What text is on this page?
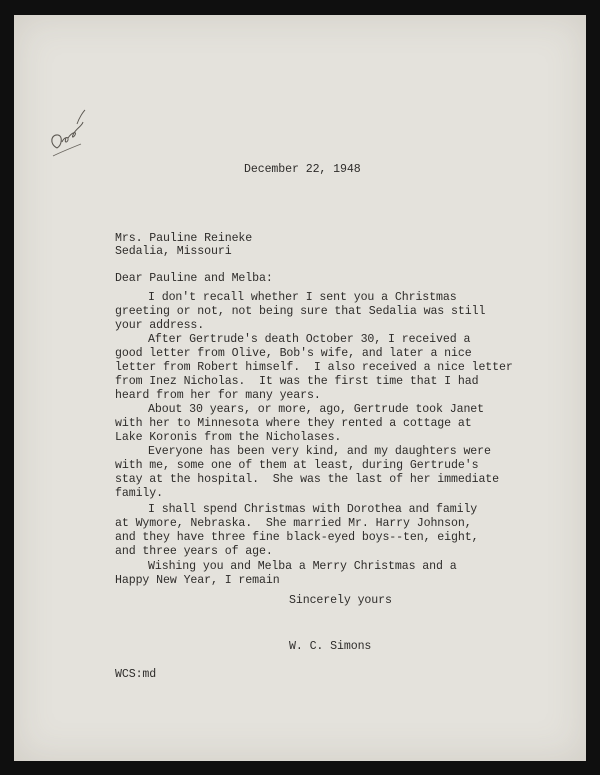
December 22, 1948
Mrs. Pauline Reineke
Sedalia, Missouri
Dear Pauline and Melba:
I don't recall whether I sent you a Christmas
greeting or not, not being sure that Sedalia was still
your address.
After Gertrude's death October 30, I received a
good letter from Olive, Bob's wife, and later a nice
letter from Robert himself.  I also received a nice letter
from Inez Nicholas.  It was the first time that I had
heard from her for many years.
About 30 years, or more, ago, Gertrude took Janet
with her to Minnesota where they rented a cottage at
Lake Koronis from the Nicholases.
Everyone has been very kind, and my daughters were
with me, some one of them at least, during Gertrude's
stay at the hospital.  She was the last of her immediate
family.
I shall spend Christmas with Dorothea and family
at Wymore, Nebraska.  She married Mr. Harry Johnson,
and they have three fine black-eyed boys--ten, eight,
and three years of age.
Wishing you and Melba a Merry Christmas and a
Happy New Year, I remain
Sincerely yours
W. C. Simons
WCS:md
